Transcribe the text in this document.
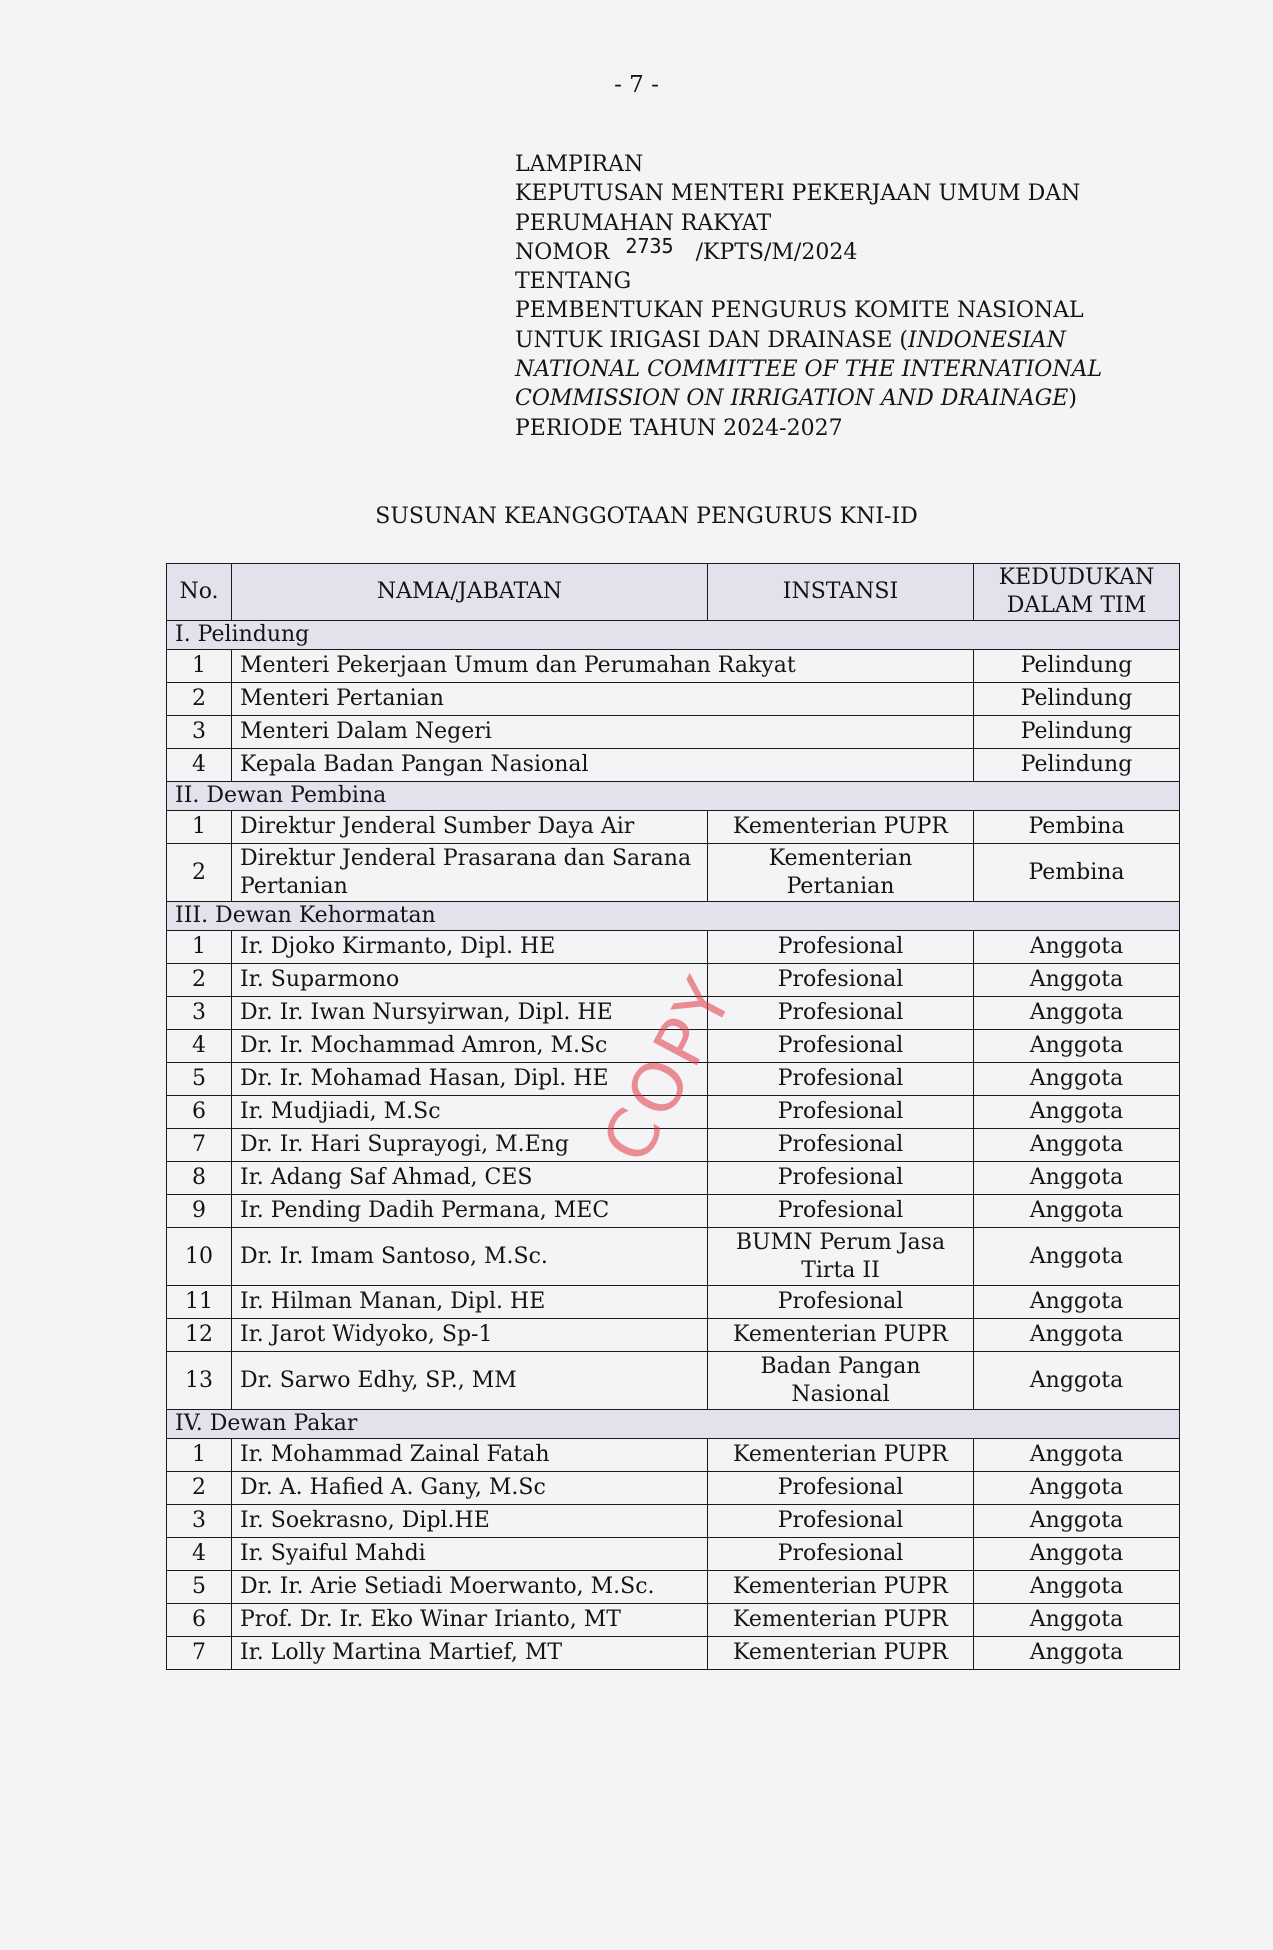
- 7 -
LAMPIRAN
KEPUTUSAN MENTERI PEKERJAAN UMUM DAN
PERUMAHAN RAKYAT
NOMOR 2735 /KPTS/M/2024
TENTANG
PEMBENTUKAN PENGURUS KOMITE NASIONAL
UNTUK IRIGASI DAN DRAINASE (INDONESIAN
NATIONAL COMMITTEE OF THE INTERNATIONAL
COMMISSION ON IRRIGATION AND DRAINAGE)
PERIODE TAHUN 2024-2027
SUSUNAN KEANGGOTAAN PENGURUS KNI-ID
No.	NAMA/JABATAN	INSTANSI	KEDUDUKAN DALAM TIM
I. Pelindung			
1	Menteri Pekerjaan Umum dan Perumahan Rakyat		Pelindung
2	Menteri Pertanian		Pelindung
3	Menteri Dalam Negeri		Pelindung
4	Kepala Badan Pangan Nasional		Pelindung
II. Dewan Pembina			
1	Direktur Jenderal Sumber Daya Air	Kementerian PUPR	Pembina
2	Direktur Jenderal Prasarana dan Sarana Pertanian	Kementerian Pertanian	Pembina
III. Dewan Kehormatan			
1	Ir. Djoko Kirmanto, Dipl. HE	Profesional	Anggota
2	Ir. Suparmono	Profesional	Anggota
3	Dr. Ir. Iwan Nursyirwan, Dipl. HE	Profesional	Anggota
4	Dr. Ir. Mochammad Amron, M.Sc	Profesional	Anggota
5	Dr. Ir. Mohamad Hasan, Dipl. HE	Profesional	Anggota
6	Ir. Mudjiadi, M.Sc	Profesional	Anggota
7	Dr. Ir. Hari Suprayogi, M.Eng	Profesional	Anggota
8	Ir. Adang Saf Ahmad, CES	Profesional	Anggota
9	Ir. Pending Dadih Permana, MEC	Profesional	Anggota
10	Dr. Ir. Imam Santoso, M.Sc.	BUMN Perum Jasa Tirta II	Anggota
11	Ir. Hilman Manan, Dipl. HE	Profesional	Anggota
12	Ir. Jarot Widyoko, Sp-1	Kementerian PUPR	Anggota
13	Dr. Sarwo Edhy, SP., MM	Badan Pangan Nasional	Anggota
IV. Dewan Pakar			
1	Ir. Mohammad Zainal Fatah	Kementerian PUPR	Anggota
2	Dr. A. Hafied A. Gany, M.Sc	Profesional	Anggota
3	Ir. Soekrasno, Dipl.HE	Profesional	Anggota
4	Ir. Syaiful Mahdi	Profesional	Anggota
5	Dr. Ir. Arie Setiadi Moerwanto, M.Sc.	Kementerian PUPR	Anggota
6	Prof. Dr. Ir. Eko Winar Irianto, MT	Kementerian PUPR	Anggota
7	Ir. Lolly Martina Martief, MT	Kementerian PUPR	Anggota
COPY
